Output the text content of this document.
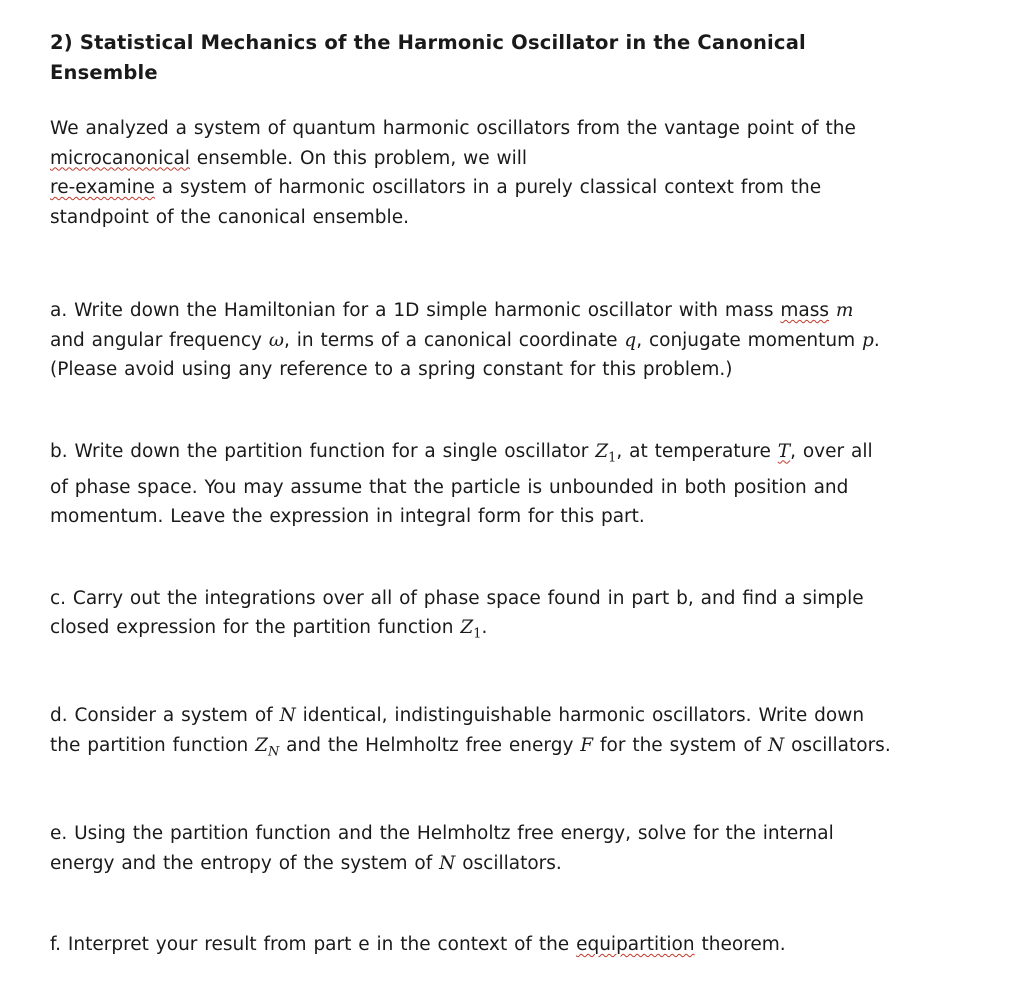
2) Statistical Mechanics of the Harmonic Oscillator in the Canonical
Ensemble

We analyzed a system of quantum harmonic oscillators from the vantage point of the
microcanonical ensemble. On this problem, we will
re-examine a system of harmonic oscillators in a purely classical context from the
standpoint of the canonical ensemble.

a. Write down the Hamiltonian for a 1D simple harmonic oscillator with mass mass m
and angular frequency ω, in terms of a canonical coordinate q, conjugate momentum p.
(Please avoid using any reference to a spring constant for this problem.)

b. Write down the partition function for a single oscillator $Z_1$, at temperature T, over all
of phase space. You may assume that the particle is unbounded in both position and
momentum. Leave the expression in integral form for this part.

c. Carry out the integrations over all of phase space found in part b, and find a simple
closed expression for the partition function $Z_1$.

d. Consider a system of N identical, indistinguishable harmonic oscillators. Write down
the partition function $Z_N$ and the Helmholtz free energy F for the system of N oscillators.

e. Using the partition function and the Helmholtz free energy, solve for the internal
energy and the entropy of the system of N oscillators.

f. Interpret your result from part e in the context of the equipartition theorem.
